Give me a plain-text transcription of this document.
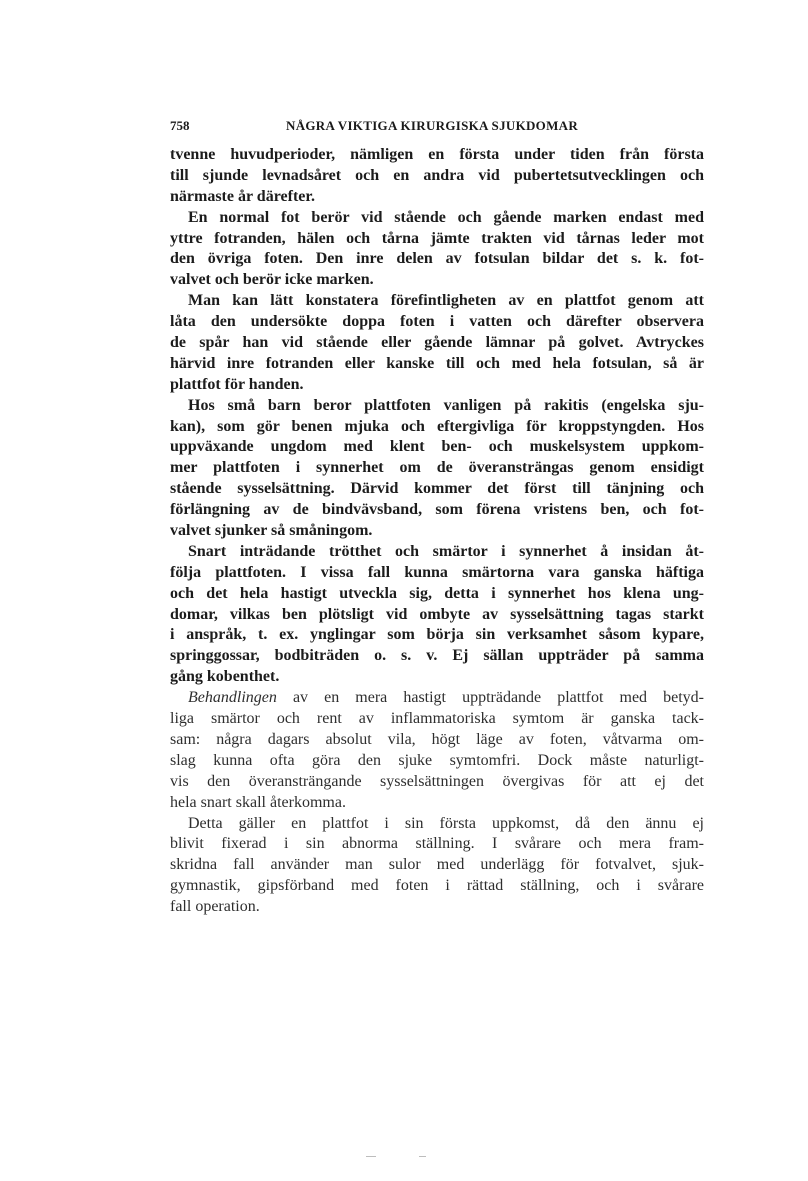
758	NÅGRA VIKTIGA KIRURGISKA SJUKDOMAR
tvenne huvudperioder, nämligen en första under tiden från första
till sjunde levnadsåret och en andra vid pubertetsutvecklingen och
närmaste år därefter.
En normal fot berör vid stående och gående marken endast med
yttre fotranden, hälen och tårna jämte trakten vid tårnas leder mot
den övriga foten. Den inre delen av fotsulan bildar det s. k. fot-
valvet och berör icke marken.
Man kan lätt konstatera förefintligheten av en plattfot genom att
låta den undersökte doppa foten i vatten och därefter observera
de spår han vid stående eller gående lämnar på golvet. Avtryckes
härvid inre fotranden eller kanske till och med hela fotsulan, så är
plattfot för handen.
Hos små barn beror plattfoten vanligen på rakitis (engelska sju-
kan), som gör benen mjuka och eftergivliga för kroppstyngden. Hos
uppväxande ungdom med klent ben- och muskelsystem uppkom-
mer plattfoten i synnerhet om de överansträngas genom ensidigt
stående sysselsättning. Därvid kommer det först till tänjning och
förlängning av de bindvävsband, som förena vristens ben, och fot-
valvet sjunker så småningom.
Snart inträdande trötthet och smärtor i synnerhet å insidan åt-
följa plattfoten. I vissa fall kunna smärtorna vara ganska häftiga
och det hela hastigt utveckla sig, detta i synnerhet hos klena ung-
domar, vilkas ben plötsligt vid ombyte av sysselsättning tagas starkt
i anspråk, t. ex. ynglingar som börja sin verksamhet såsom kypare,
springgossar, bodbiträden o. s. v. Ej sällan uppträder på samma
gång kobenthet.
Behandlingen av en mera hastigt uppträdande plattfot med betyd-
liga smärtor och rent av inflammatoriska symtom är ganska tack-
sam: några dagars absolut vila, högt läge av foten, våtvarma om-
slag kunna ofta göra den sjuke symtomfri. Dock måste naturligt-
vis den överansträngande sysselsättningen övergivas för att ej det
hela snart skall återkomma.
Detta gäller en plattfot i sin första uppkomst, då den ännu ej
blivit fixerad i sin abnorma ställning. I svårare och mera fram-
skridna fall använder man sulor med underlägg för fotvalvet, sjuk-
gymnastik, gipsförband med foten i rättad ställning, och i svårare
fall operation.
